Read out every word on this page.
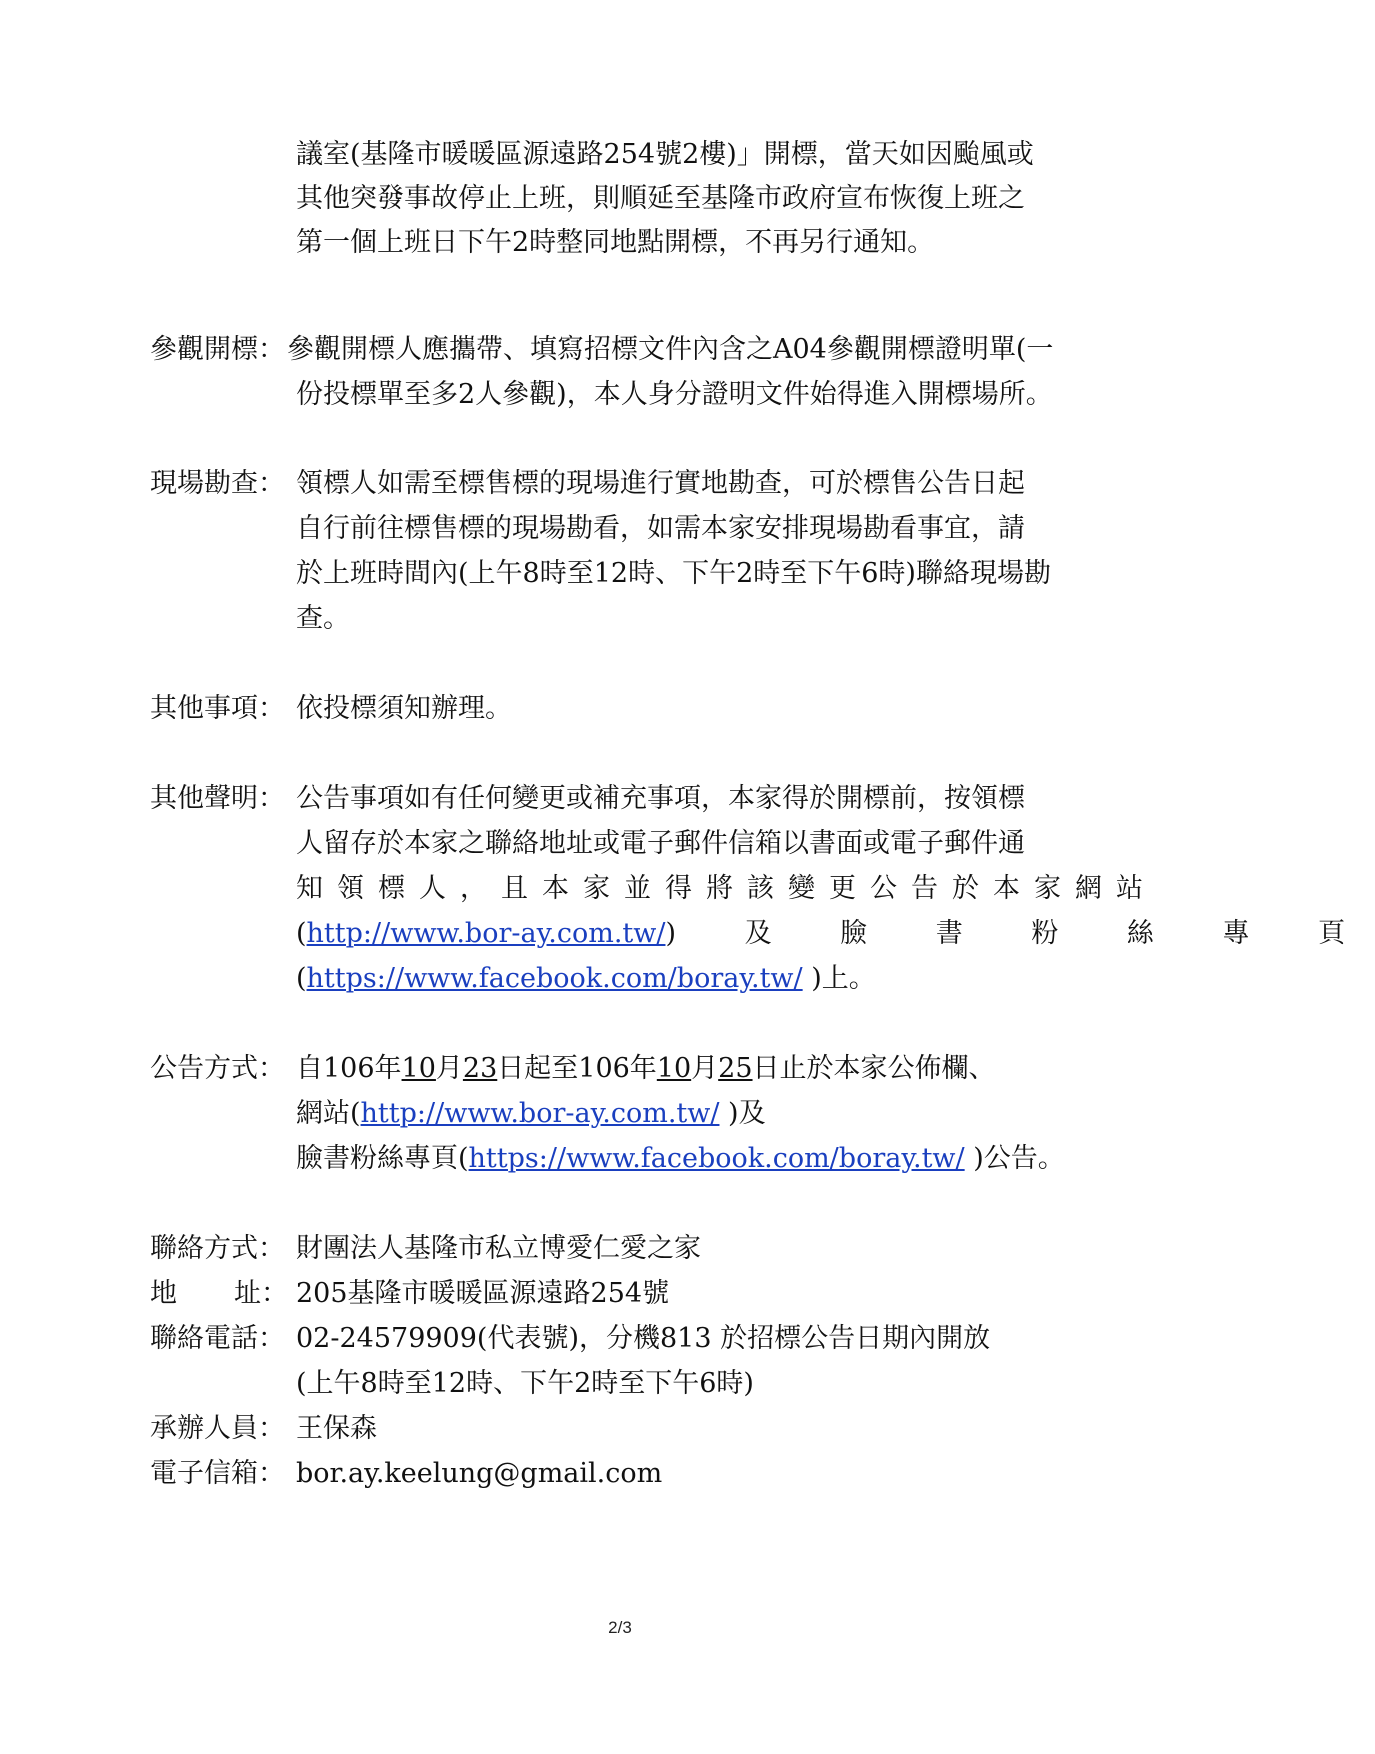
議室(基隆市暖暖區源遠路254號2樓)」開標，當天如因颱風或
其他突發事故停止上班，則順延至基隆市政府宣布恢復上班之
第一個上班日下午2時整同地點開標，不再另行通知。
參觀開標： 參觀開標人應攜帶、填寫招標文件內含之A04參觀開標證明單(一
份投標單至多2人參觀)，本人身分證明文件始得進入開標場所。
現場勘查： 領標人如需至標售標的現場進行實地勘查，可於標售公告日起
自行前往標售標的現場勘看，如需本家安排現場勘看事宜，請
於上班時間內(上午8時至12時、下午2時至下午6時)聯絡現場勘
查。
其他事項： 依投標須知辦理。
其他聲明： 公告事項如有任何變更或補充事項，本家得於開標前，按領標
人留存於本家之聯絡地址或電子郵件信箱以書面或電子郵件通
知領標人，且本家並得將該變更公告於本家網站
(http://www.bor-ay.com.tw/) 及 臉 書 粉 絲 專 頁
(https://www.facebook.com/boray.tw/ )上。
公告方式： 自106年10月23日起至106年10月25日止於本家公佈欄、
網站(http://www.bor-ay.com.tw/ )及
臉書粉絲專頁(https://www.facebook.com/boray.tw/ )公告。
聯絡方式： 財團法人基隆市私立博愛仁愛之家
地 址： 205基隆市暖暖區源遠路254號
聯絡電話： 02-24579909(代表號)，分機813 於招標公告日期內開放
(上午8時至12時、下午2時至下午6時)
承辦人員： 王保森
電子信箱： bor.ay.keelung@gmail.com
2/3
